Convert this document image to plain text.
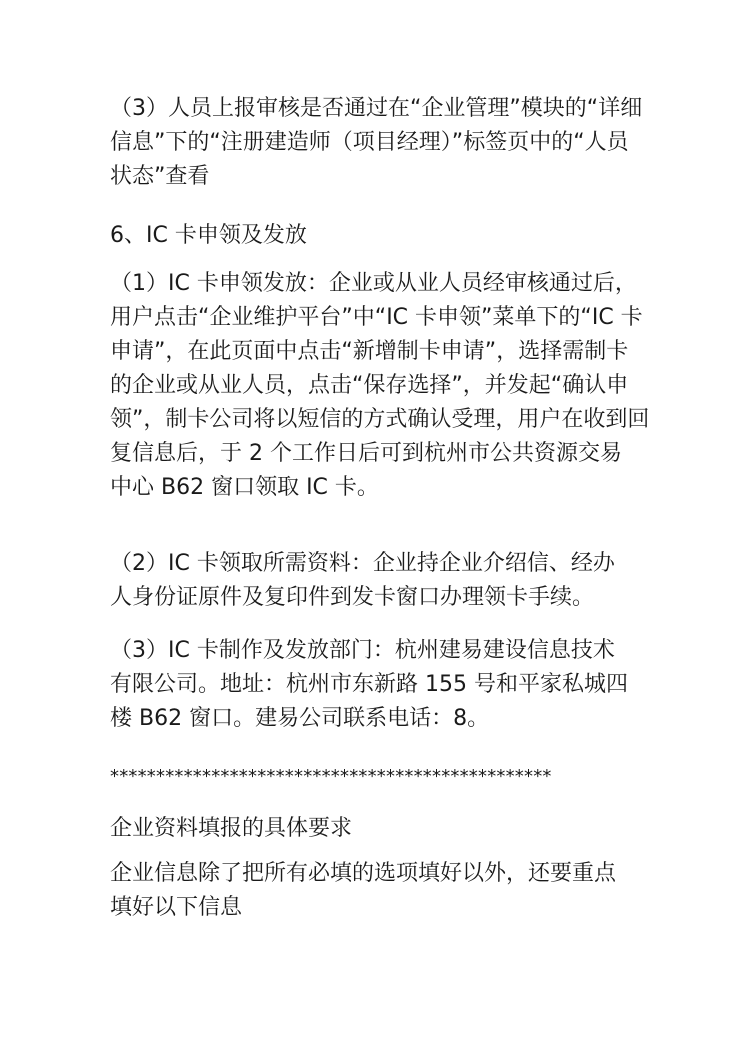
（3）人员上报审核是否通过在“企业管理”模块的“详细
信息”下的“注册建造师（项目经理）”标签页中的“人员
状态”查看
6、IC 卡申领及发放
（1）IC 卡申领发放：企业或从业人员经审核通过后，
用户点击“企业维护平台”中“IC 卡申领”菜单下的“IC 卡
申请”，在此页面中点击“新增制卡申请”，选择需制卡
的企业或从业人员，点击“保存选择”，并发起“确认申
领”，制卡公司将以短信的方式确认受理，用户在收到回
复信息后，于 2 个工作日后可到杭州市公共资源交易
中心 B62 窗口领取 IC 卡。
（2）IC 卡领取所需资料：企业持企业介绍信、经办
人身份证原件及复印件到发卡窗口办理领卡手续。
（3）IC 卡制作及发放部门：杭州建易建设信息技术
有限公司。地址：杭州市东新路 155 号和平家私城四
楼 B62 窗口。建易公司联系电话：8。
************************************************
企业资料填报的具体要求
企业信息除了把所有必填的选项填好以外，还要重点
填好以下信息
